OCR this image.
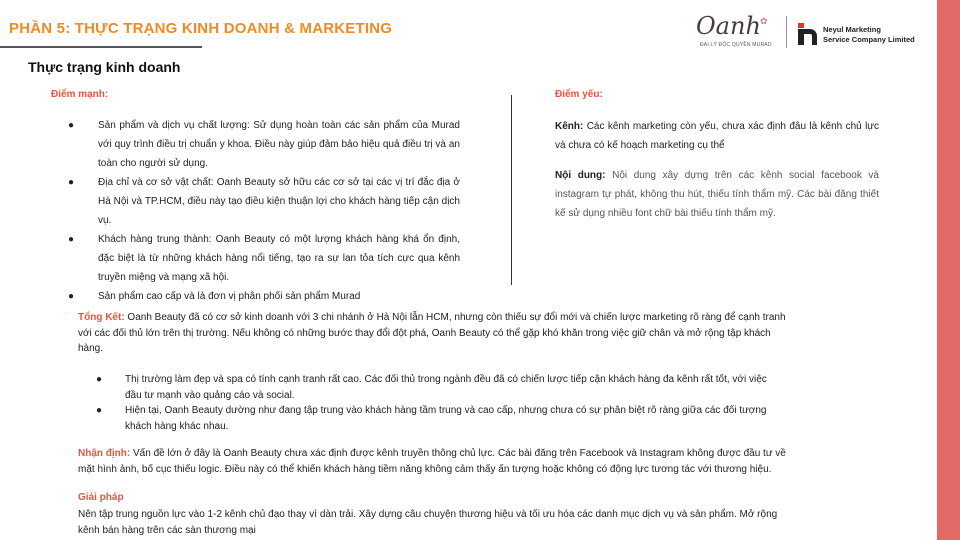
PHẦN 5: THỰC TRẠNG KINH DOANH & MARKETING	Oanh ✿
ĐẠI LÝ ĐỘC QUYỀN MURAD
Neyul Marketing
Service Company Limited
Thực trạng kinh doanh
Điểm mạnh:	Điểm yếu:
● Sản phẩm và dịch vụ chất lượng: Sử dụng hoàn toàn các sản phẩm của Murad với quy trình điều trị chuẩn y khoa. Điều này giúp đảm bảo hiệu quả điều trị và an toàn cho người sử dụng.
● Địa chỉ và cơ sở vật chất: Oanh Beauty sở hữu các cơ sở tại các vị trí đắc địa ở Hà Nội và TP.HCM, điều này tạo điều kiện thuận lợi cho khách hàng tiếp cận dịch vụ.
● Khách hàng trung thành: Oanh Beauty có một lượng khách hàng khá ổn định, đặc biệt là từ những khách hàng nổi tiếng, tạo ra sự lan tỏa tích cực qua kênh truyền miệng và mạng xã hội.
● Sản phẩm cao cấp và là đơn vị phân phối sản phẩm Murad

Kênh: Các kênh marketing còn yếu, chưa xác định đâu là kênh chủ lực và chưa có kế hoạch marketing cụ thể

Nội dung: Nội dung xây dựng trên các kênh social facebook và instagram tự phát, không thu hút, thiếu tính thẩm mỹ. Các bài đăng thiết kế sử dụng nhiều font chữ bài thiếu tính thẩm mỹ.

Tổng Kết: Oanh Beauty đã có cơ sở kinh doanh với 3 chi nhánh ở Hà Nội lẫn HCM, nhưng còn thiếu sự đổi mới và chiến lược marketing rõ ràng để cạnh tranh với các đối thủ lớn trên thị trường. Nếu không có những bước thay đổi đột phá, Oanh Beauty có thể gặp khó khăn trong việc giữ chân và mở rộng tập khách hàng.

● Thị trường làm đẹp và spa có tính cạnh tranh rất cao. Các đối thủ trong ngành đều đã có chiến lược tiếp cận khách hàng đa kênh rất tốt, với việc đầu tư mạnh vào quảng cáo và social.
● Hiện tại, Oanh Beauty dường như đang tập trung vào khách hàng tầm trung và cao cấp, nhưng chưa có sự phân biệt rõ ràng giữa các đối tượng khách hàng khác nhau.

Nhận định: Vấn đề lớn ở đây là Oanh Beauty chưa xác định được kênh truyền thông chủ lực. Các bài đăng trên Facebook và Instagram không được đầu tư về mặt hình ảnh, bố cục thiếu logic. Điều này có thể khiến khách hàng tiềm năng không cảm thấy ấn tượng hoặc không có động lực tương tác với thương hiệu.

Giải pháp

Nên tập trung nguồn lực vào 1-2 kênh chủ đạo thay vì dàn trải. Xây dựng câu chuyện thương hiệu và tối ưu hóa các danh mục dịch vụ và sản phẩm. Mở rộng kênh bán hàng trên các sàn thương mại
